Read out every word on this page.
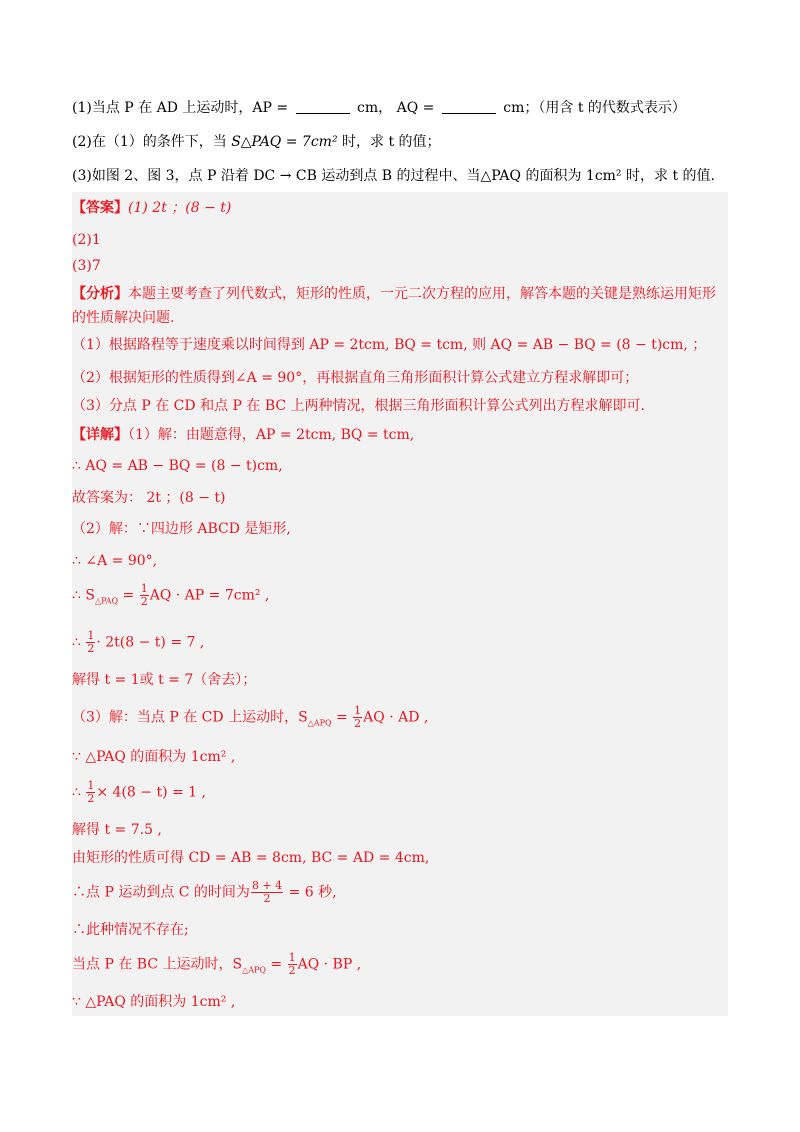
(1)当点 P 在 AD 上运动时，AP =	cm， AQ =	cm；（用含 t 的代数式表示）
(2)在（1）的条件下，当 S△PAQ = 7cm² 时，求 t 的值；
(3)如图 2、图 3，点 P 沿着 DC → CB 运动到点 B 的过程中、当△PAQ 的面积为 1cm² 时，求 t 的值.
【答案】(1) 2t ；(8 − t)
(2)1
(3)7
【分析】本题主要考查了列代数式，矩形的性质，一元二次方程的应用，解答本题的关键是熟练运用矩形
的性质解决问题.
（1）根据路程等于速度乘以时间得到 AP = 2tcm, BQ = tcm, 则 AQ = AB − BQ = (8 − t)cm, ；
（2）根据矩形的性质得到∠A = 90°，再根据直角三角形面积计算公式建立方程求解即可；
（3）分点 P 在 CD 和点 P 在 BC 上两种情况，根据三角形面积计算公式列出方程求解即可.
【详解】（1）解：由题意得，AP = 2tcm, BQ = tcm,
∴ AQ = AB − BQ = (8 − t)cm,
故答案为： 2t ；(8 − t)
（2）解：∵四边形 ABCD 是矩形,
∴ ∠A = 90°,
∴ $S_{\triangle PAQ} = \frac{1}{2}$ AQ · AP = 7cm² ,
∴ $\frac{1}{2} \cdot 2t(8 - t) = 7$ ,
解得 t = 1或 t = 7（舍去）；
（3）解：当点 P 在 CD 上运动时，$S_{\triangle APQ} = \frac{1}{2}$ AQ · AD ,
∵ △PAQ 的面积为 1cm² ,
∴ $\frac{1}{2} \times 4(8 - t) = 1$ ,
解得 t = 7.5 ,
由矩形的性质可得 CD = AB = 8cm, BC = AD = 4cm,
∴点 P 运动到点 C 的时间为 $\frac{8 + 4}{2} = 6$ 秒,
∴此种情况不存在;
当点 P 在 BC 上运动时，$S_{\triangle APQ} = \frac{1}{2}$ AQ · BP ,
∵ △PAQ 的面积为 1cm² ,
